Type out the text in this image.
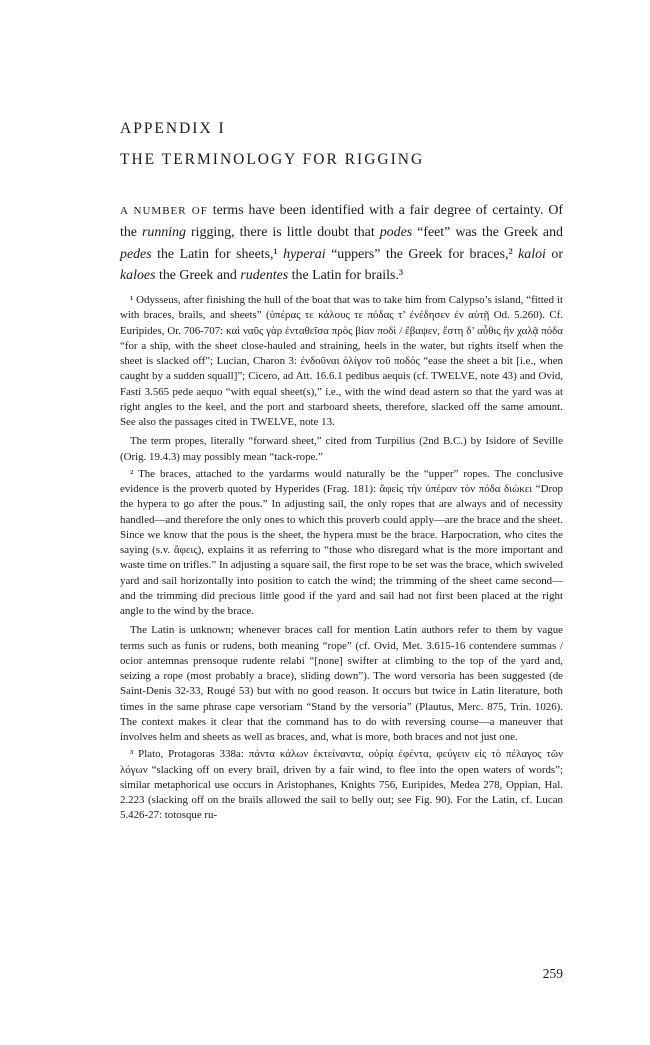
APPENDIX I
THE TERMINOLOGY FOR RIGGING

A NUMBER OF terms have been identified with a fair degree of certainty. Of the running rigging, there is little doubt that podes “feet” was the Greek and pedes the Latin for sheets,¹ hyperai “uppers” the Greek for braces,² kaloi or kaloes the Greek and rudentes the Latin for brails.³

¹ Odysseus, after finishing the hull of the boat that was to take him from Calypso’s island, “fitted it with braces, brails, and sheets” (ὑπέρας τε κάλους τε πόδας τ’ ἐνέδησεν ἐν αὐτῇ Od. 5.260). Cf. Euripides, Or. 706-707: καὶ ναῦς γὰρ ἐνταθεῖσα πρὸς βίαν ποδὶ / ἔβαψεν, ἔστη δ’ αὖθις ἢν χαλᾷ πόδα “for a ship, with the sheet close-hauled and straining, heels in the water, but rights itself when the sheet is slacked off”; Lucian, Charon 3: ἐνδοῦναι ὀλίγον τοῦ ποδός “ease the sheet a bit [i.e., when caught by a sudden squall]”; Cicero, ad Att. 16.6.1 pedibus aequis (cf. TWELVE, note 43) and Ovid, Fasti 3.565 pede aequo “with equal sheet(s),” i.e., with the wind dead astern so that the yard was at right angles to the keel, and the port and starboard sheets, therefore, slacked off the same amount. See also the passages cited in TWELVE, note 13.

The term propes, literally “forward sheet,” cited from Turpilius (2nd B.C.) by Isidore of Seville (Orig. 19.4.3) may possibly mean “tack-rope.”

² The braces, attached to the yardarms would naturally be the “upper” ropes. The conclusive evidence is the proverb quoted by Hyperides (Frag. 181): ἄφεὶς τὴν ὑπέραν τὸν πόδα διώκει “Drop the hypera to go after the pous.” In adjusting sail, the only ropes that are always and of necessity handled—and therefore the only ones to which this proverb could apply—are the brace and the sheet. Since we know that the pous is the sheet, the hypera must be the brace. Harpocration, who cites the saying (s.v. ἄφεις), explains it as referring to “those who disregard what is the more important and waste time on trifles.” In adjusting a square sail, the first rope to be set was the brace, which swiveled yard and sail horizontally into position to catch the wind; the trimming of the sheet came second—and the trimming did precious little good if the yard and sail had not first been placed at the right angle to the wind by the brace.

The Latin is unknown; whenever braces call for mention Latin authors refer to them by vague terms such as funis or rudens, both meaning “rope” (cf. Ovid, Met. 3.615-16 contendere summas / ocior antemnas prensoque rudente relabi “[none] swifter at climbing to the top of the yard and, seizing a rope (most probably a brace), sliding down”). The word versoria has been suggested (de Saint-Denis 32-33, Rougé 53) but with no good reason. It occurs but twice in Latin literature, both times in the same phrase cape versoriam “Stand by the versoria” (Plautus, Merc. 875, Trin. 1026). The context makes it clear that the command has to do with reversing course—a maneuver that involves helm and sheets as well as braces, and, what is more, both braces and not just one.

³ Plato, Protagoras 338a: πάντα κάλων ἐκτείναντα, οὐρίᾳ ἐφέντα, φεύγειν εἰς τὸ πέλαγος τῶν λόγων “slacking off on every brail, driven by a fair wind, to flee into the open waters of words”; similar metaphorical use occurs in Aristophanes, Knights 756, Euripides, Medea 278, Oppian, Hal. 2.223 (slacking off on the brails allowed the sail to belly out; see Fig. 90). For the Latin, cf. Lucan 5.426-27: totosque ru-

259
